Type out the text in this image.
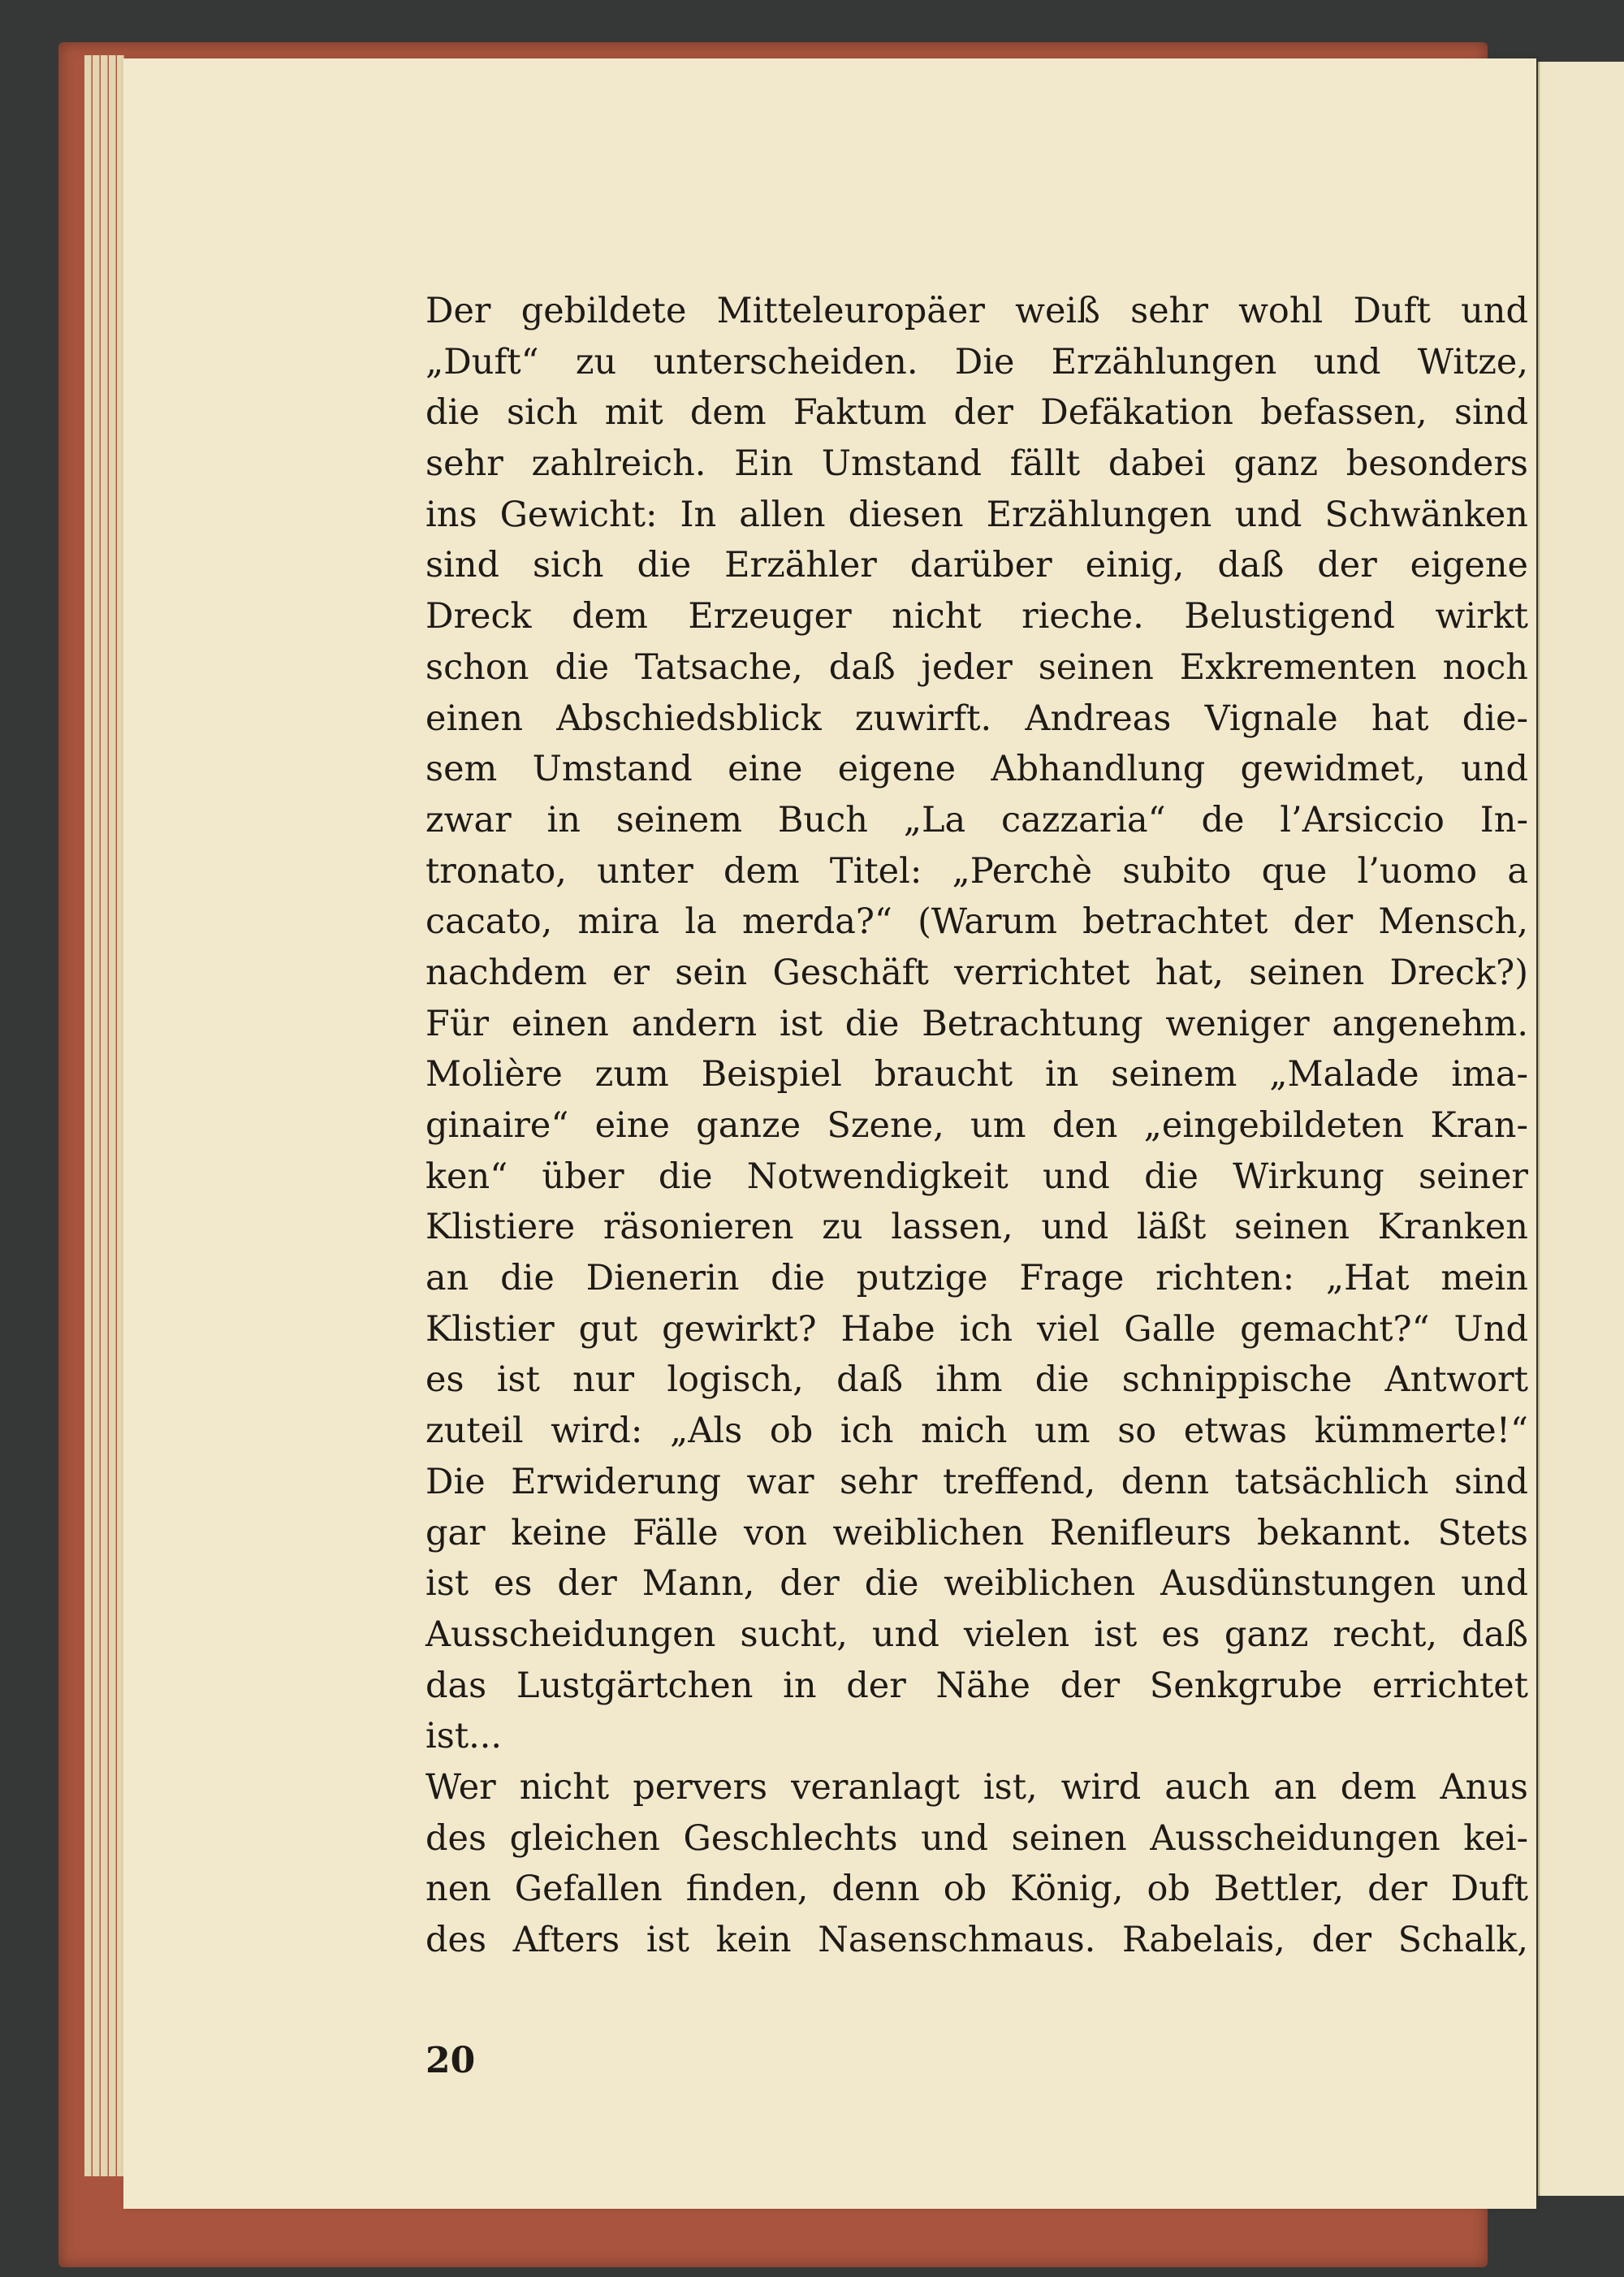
Der gebildete Mitteleuropäer weiß sehr wohl Duft und
„Duft“ zu unterscheiden. Die Erzählungen und Witze,
die sich mit dem Faktum der Defäkation befassen, sind
sehr zahlreich. Ein Umstand fällt dabei ganz besonders
ins Gewicht: In allen diesen Erzählungen und Schwänken
sind sich die Erzähler darüber einig, daß der eigene
Dreck dem Erzeuger nicht rieche. Belustigend wirkt
schon die Tatsache, daß jeder seinen Exkrementen noch
einen Abschiedsblick zuwirft. Andreas Vignale hat die-
sem Umstand eine eigene Abhandlung gewidmet, und
zwar in seinem Buch „La cazzaria“ de l’Arsiccio In-
tronato, unter dem Titel: „Perchè subito que l’uomo a
cacato, mira la merda?“ (Warum betrachtet der Mensch,
nachdem er sein Geschäft verrichtet hat, seinen Dreck?)
Für einen andern ist die Betrachtung weniger angenehm.
Molière zum Beispiel braucht in seinem „Malade ima-
ginaire“ eine ganze Szene, um den „eingebildeten Kran-
ken“ über die Notwendigkeit und die Wirkung seiner
Klistiere räsonieren zu lassen, und läßt seinen Kranken
an die Dienerin die putzige Frage richten: „Hat mein
Klistier gut gewirkt? Habe ich viel Galle gemacht?“ Und
es ist nur logisch, daß ihm die schnippische Antwort
zuteil wird: „Als ob ich mich um so etwas kümmerte!“
Die Erwiderung war sehr treffend, denn tatsächlich sind
gar keine Fälle von weiblichen Renifleurs bekannt. Stets
ist es der Mann, der die weiblichen Ausdünstungen und
Ausscheidungen sucht, und vielen ist es ganz recht, daß
das Lustgärtchen in der Nähe der Senkgrube errichtet
ist...
Wer nicht pervers veranlagt ist, wird auch an dem Anus
des gleichen Geschlechts und seinen Ausscheidungen kei-
nen Gefallen finden, denn ob König, ob Bettler, der Duft
des Afters ist kein Nasenschmaus. Rabelais, der Schalk,
20
